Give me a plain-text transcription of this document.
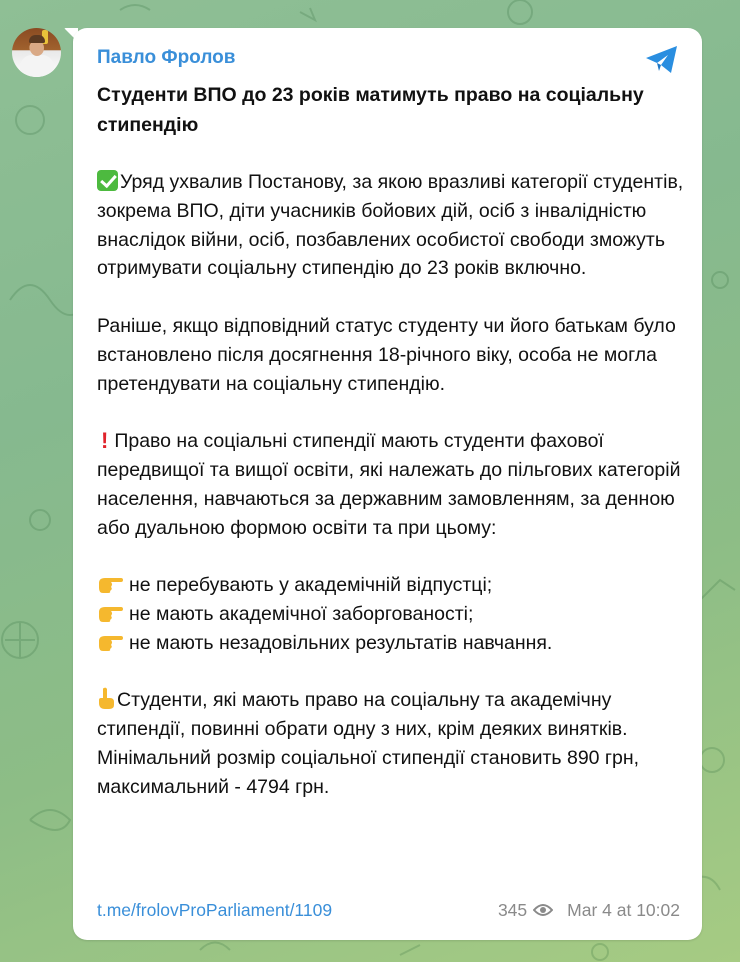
Павло Фролов
Студенти ВПО до 23 років матимуть право на соціальну стипендію

Уряд ухвалив Постанову, за якою вразливі категорії студентів, зокрема ВПО, діти учасників бойових дій, осіб з інвалідністю внаслідок війни, осіб, позбавлених особистої свободи зможуть отримувати соціальну стипендію до 23 років включно.

Раніше, якщо відповідний статус студенту чи його батькам було встановлено після досягнення 18-річного віку, особа не могла претендувати на соціальну стипендію.

! Право на соціальні стипендії мають студенти фахової передвищої та вищої освіти, які належать до пільгових категорій населення, навчаються за державним замовленням, за денною або дуальною формою освіти та при цьому:

не перебувають у академічній відпустці;

не мають академічної заборгованості;

не мають незадовільних результатів навчання.

Студенти, які мають право на соціальну та академічну стипендії, повинні обрати одну з них, крім деяких винятків. Мінімальний розмір соціальної стипендії становить 890 грн, максимальний - 4794 грн.

t.me/frolovProParliament/1109	345 Mar 4 at 10:02
